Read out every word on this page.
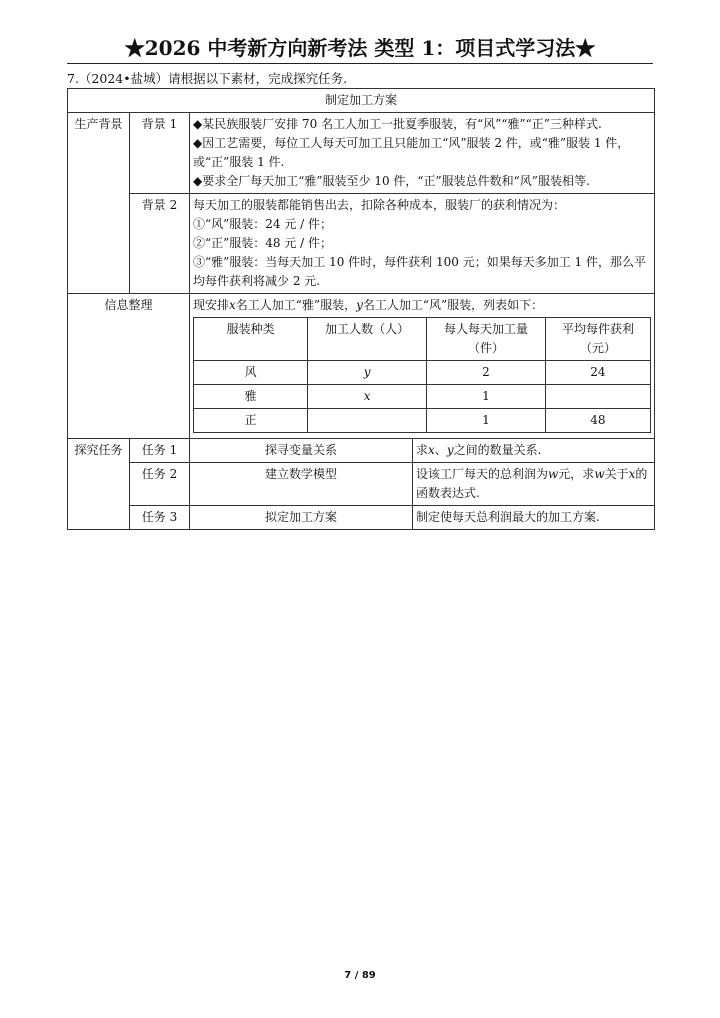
★2026 中考新方向新考法 类型 1：项目式学习法★
7.（2024•盐城）请根据以下素材，完成探究任务.
制定加工方案
生产背景	背景 1	◆某民族服装厂安排 70 名工人加工一批夏季服装，有“风”“雅”“正”三种样式.
◆因工艺需要，每位工人每天可加工且只能加工“风”服装 2 件，或“雅”服装 1 件，或“正”服装 1 件.
◆要求全厂每天加工“雅”服装至少 10 件，“正”服装总件数和“风”服装相等.

背景 2	每天加工的服装都能销售出去，扣除各种成本，服装厂的获利情况为：
①“风”服装：24 元 / 件；
②“正”服装：48 元 / 件；
③“雅”服装：当每天加工 10 件时，每件获利 100 元；如果每天多加工 1 件，那么平均每件获利将减少 2 元.

信息整理	现安排x名工人加工“雅”服装，y名工人加工“风”服装，列表如下：
服装种类	加工人数（人）	每人每天加工量（件）	平均每件获利（元）
风	y	2	24
雅	x	1	
正		1	48

探究任务	任务 1	探寻变量关系	求x、y之间的数量关系.
任务 2	建立数学模型	设该工厂每天的总利润为w元，求w关于x的函数表达式.
任务 3	拟定加工方案	制定使每天总利润最大的加工方案.
7 / 89
